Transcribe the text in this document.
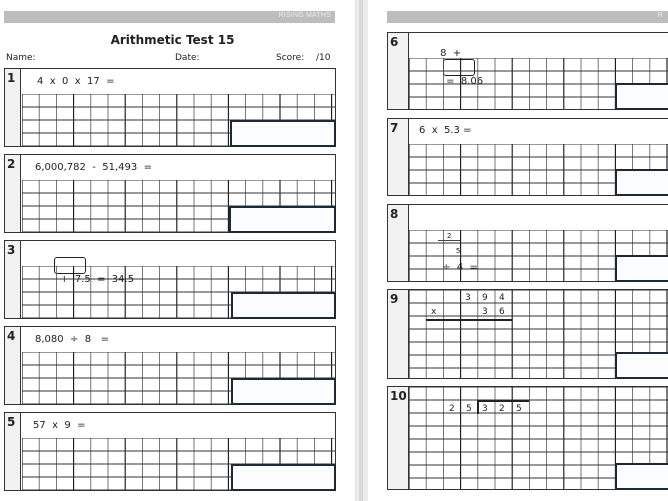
RISING MATHS
Arithmetic Test 15
Name:	Date:	Score: /10
1	4  x  0  x  17  =
2	6,000,782  -  51,493  =
3

+  7.5  =  34.5

4	8,080  ÷  8   =
5	57  x  9  =
R
6

8  +

=  8.06

7	6  x  5.3 =
8

$\frac{2}{5}$

÷  4  =

9	3 9 4
x	3 6
10
2 5 3 2 5
